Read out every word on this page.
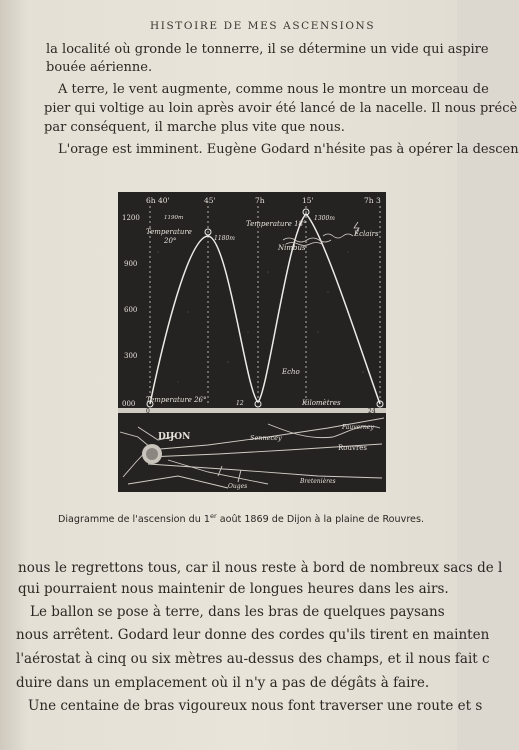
HISTOIRE DE MES ASCENSIONS
la localité où gronde le tonnerre, il se détermine un vide qui aspire
bouée aérienne.
A terre, le vent augmente, comme nous le montre un morceau de
pier qui voltige au loin après avoir été lancé de la nacelle. Il nous précè
par conséquent, il marche plus vite que nous.
L'orage est imminent. Eugène Godard n'hésite pas à opérer la descen
6h 40'	45'	7h	15'	7h 3
1200
900
600
300
000
Temperature
20°
Temperature 18°
Temperature 26°
1180m
1300m
1190m
Nimbus
Éclairs
Echo
Kilomètres
12
0	24
DIJON	Sennecey
Ouges
Rouvres
Fauverney
Bretenières
Diagramme de l'ascension du 1er août 1869 de Dijon à la plaine de Rouvres.
nous le regrettons tous, car il nous reste à bord de nombreux sacs de l
qui pourraient nous maintenir de longues heures dans les airs.
Le ballon se pose à terre, dans les bras de quelques paysans
nous arrêtent. Godard leur donne des cordes qu'ils tirent en mainten
l'aérostat à cinq ou six mètres au-dessus des champs, et il nous fait c
duire dans un emplacement où il n'y a pas de dégâts à faire.
Une centaine de bras vigoureux nous font traverser une route et s
